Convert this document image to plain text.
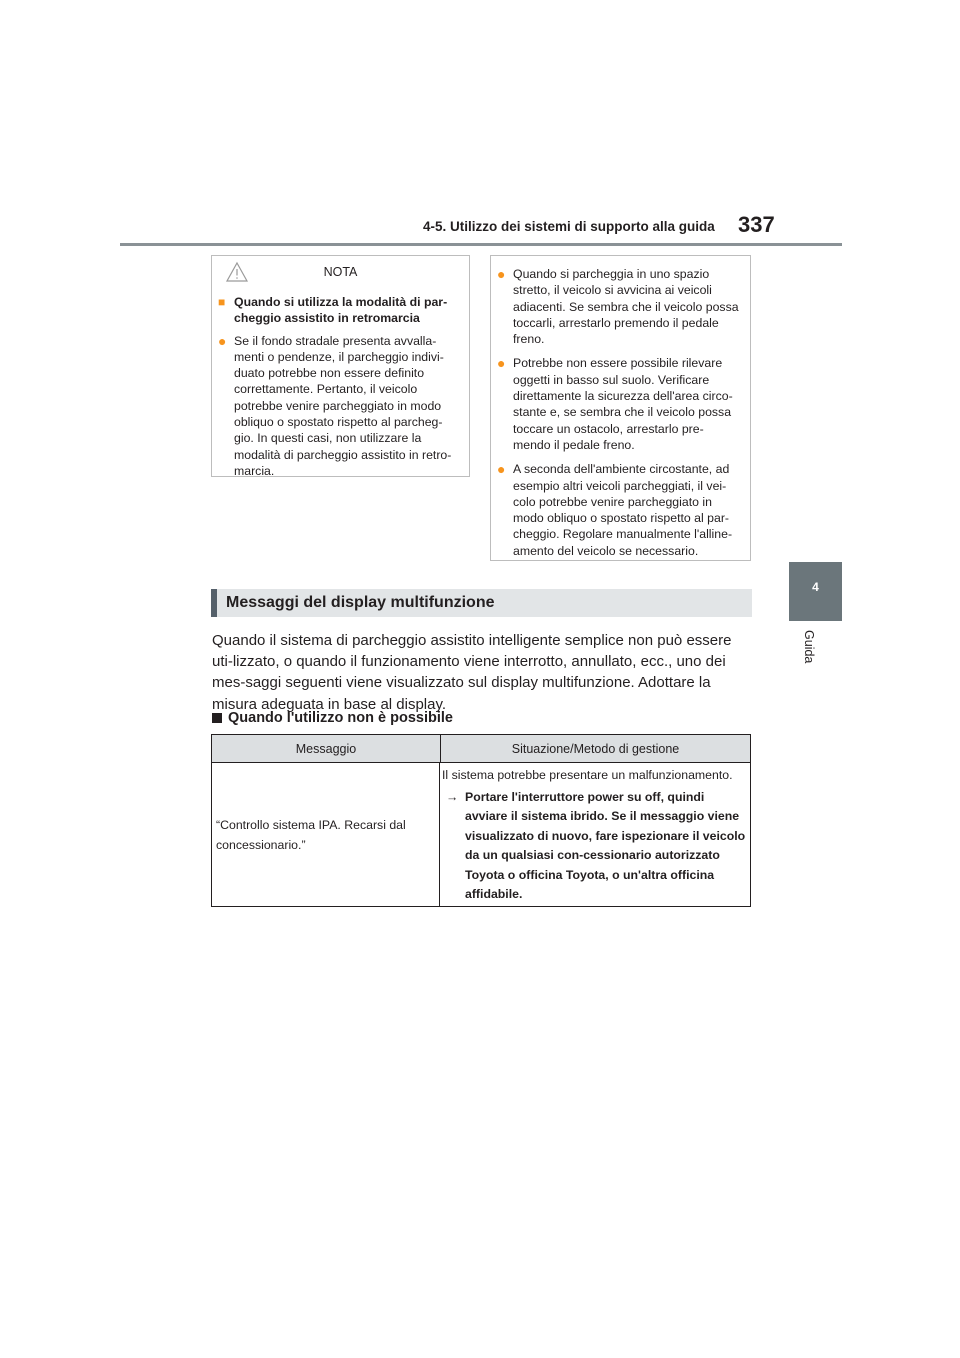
4-5. Utilizzo dei sistemi di supporto alla guida 337
4
Guida
NOTA
■ Quando si utilizza la modalità di par-cheggio assistito in retromarcia
● Se il fondo stradale presenta avvalla-menti o pendenze, il parcheggio indivi-duato potrebbe non essere definito correttamente. Pertanto, il veicolo potrebbe venire parcheggiato in modo obliquo o spostato rispetto al parcheg-gio. In questi casi, non utilizzare la modalità di parcheggio assistito in retro-marcia.
● Quando si parcheggia in uno spazio stretto, il veicolo si avvicina ai veicoli adiacenti. Se sembra che il veicolo possa toccarli, arrestarlo premendo il pedale freno.
● Potrebbe non essere possibile rilevare oggetti in basso sul suolo. Verificare direttamente la sicurezza dell'area circo-stante e, se sembra che il veicolo possa toccare un ostacolo, arrestarlo pre-mendo il pedale freno.
● A seconda dell'ambiente circostante, ad esempio altri veicoli parcheggiati, il vei-colo potrebbe venire parcheggiato in modo obliquo o spostato rispetto al par-cheggio. Regolare manualmente l'alline-amento del veicolo se necessario.
Messaggi del display multifunzione
Quando il sistema di parcheggio assistito intelligente semplice non può essere uti-lizzato, o quando il funzionamento viene interrotto, annullato, ecc., uno dei mes-saggi seguenti viene visualizzato sul display multifunzione. Adottare la misura adeguata in base al display.
Quando l'utilizzo non è possibile
Messaggio	Situazione/Metodo di gestione
“Controllo sistema IPA. Recarsi dal concessionario.”
Il sistema potrebbe presentare un malfunzionamento.
→ Portare l'interruttore power su off, quindi avviare il sistema ibrido. Se il messaggio viene visualizzato di nuovo, fare ispezionare il veicolo da un qualsiasi con-cessionario autorizzato Toyota o officina Toyota, o un'altra officina affidabile.
